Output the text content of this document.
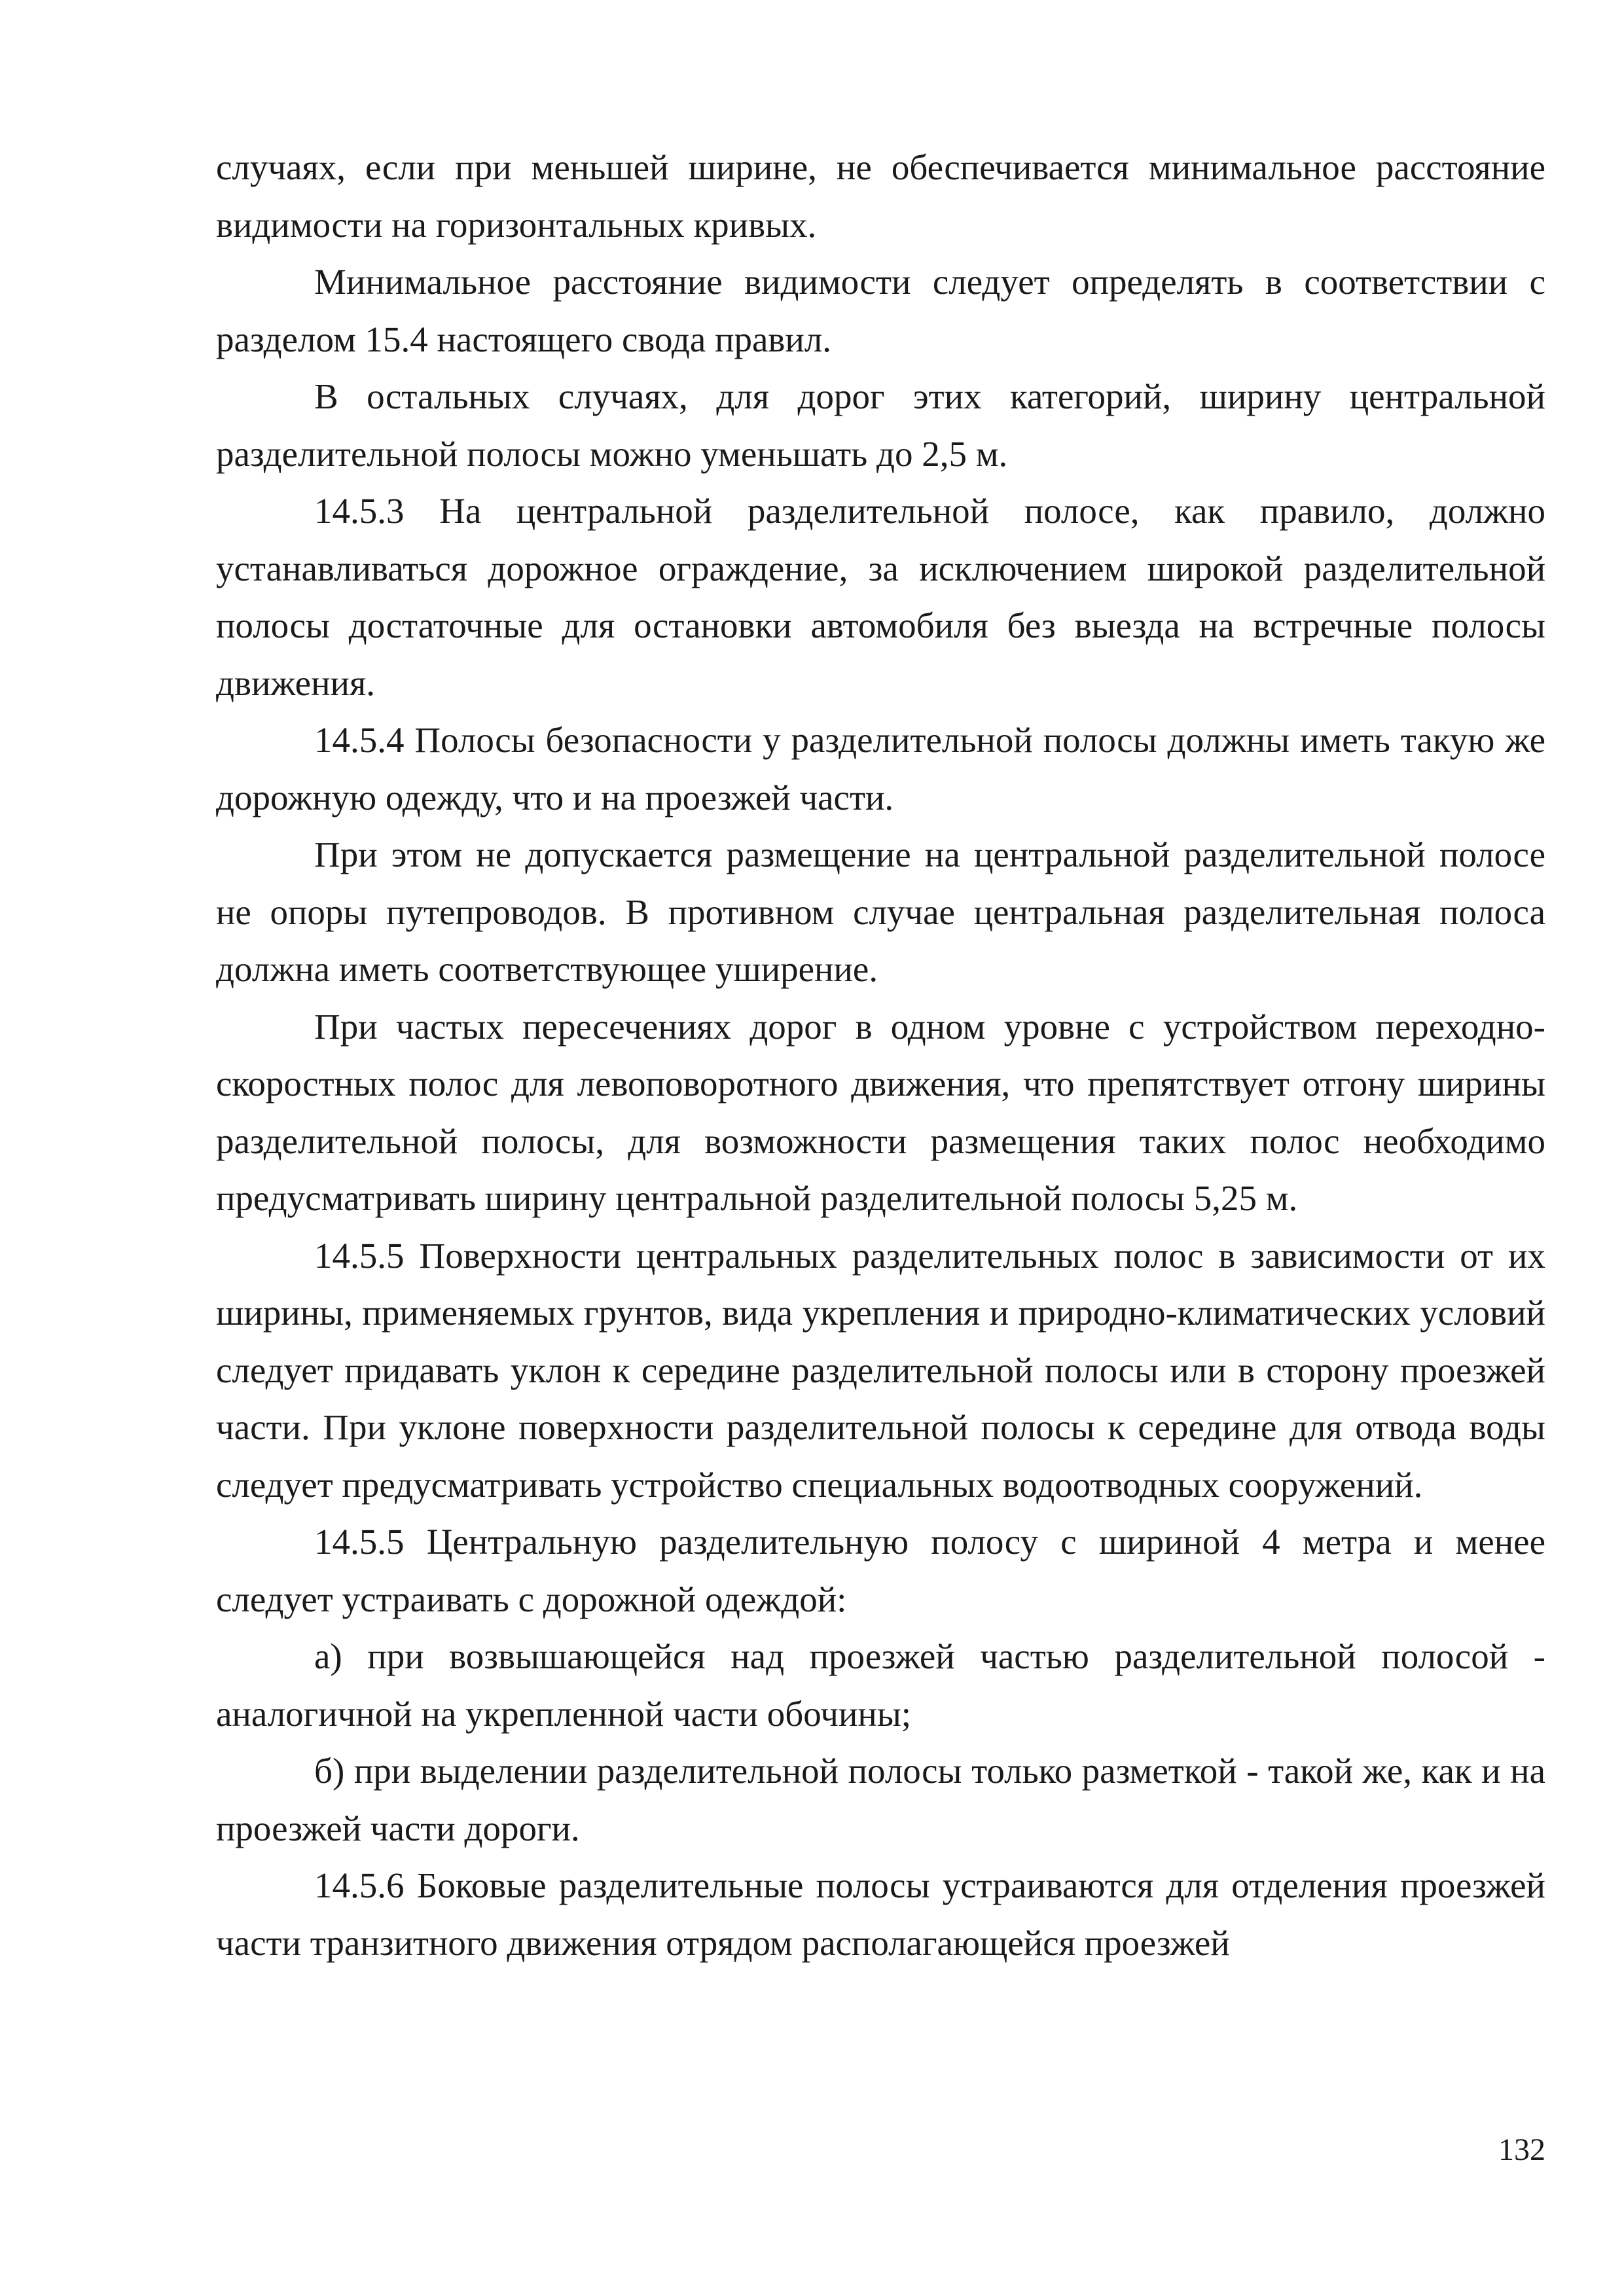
случаях, если при меньшей ширине, не обеспечивается минимальное расстояние видимости на горизонтальных кривых.

Минимальное расстояние видимости следует определять в соответствии с разделом 15.4 настоящего свода правил.

В остальных случаях, для дорог этих категорий, ширину центральной разделительной полосы можно уменьшать до 2,5 м.

14.5.3 На центральной разделительной полосе, как правило, должно устанавливаться дорожное ограждение, за исключением широкой разделительной полосы достаточные для остановки автомобиля без выезда на встречные полосы движения.

14.5.4 Полосы безопасности у разделительной полосы должны иметь такую же дорожную одежду, что и на проезжей части.

При этом не допускается размещение на центральной разделительной полосе не опоры путепроводов. В противном случае центральная разделительная полоса должна иметь соответствующее уширение.

При частых пересечениях дорог в одном уровне с устройством переходно-скоростных полос для левоповоротного движения, что препятствует отгону ширины разделительной полосы, для возможности размещения таких полос необходимо предусматривать ширину центральной разделительной полосы 5,25 м.

14.5.5 Поверхности центральных разделительных полос в зависимости от их ширины, применяемых грунтов, вида укрепления и природно-климатических условий следует придавать уклон к середине разделительной полосы или в сторону проезжей части. При уклоне поверхности разделительной полосы к середине для отвода воды следует предусматривать устройство специальных водоотводных сооружений.

14.5.5 Центральную разделительную полосу с шириной 4 метра и менее следует устраивать с дорожной одеждой:

а) при возвышающейся над проезжей частью разделительной полосой - аналогичной на укрепленной части обочины;

б) при выделении разделительной полосы только разметкой - такой же, как и на проезжей части дороги.

14.5.6 Боковые разделительные полосы устраиваются для отделения проезжей части транзитного движения отрядом располагающейся проезжей

132
